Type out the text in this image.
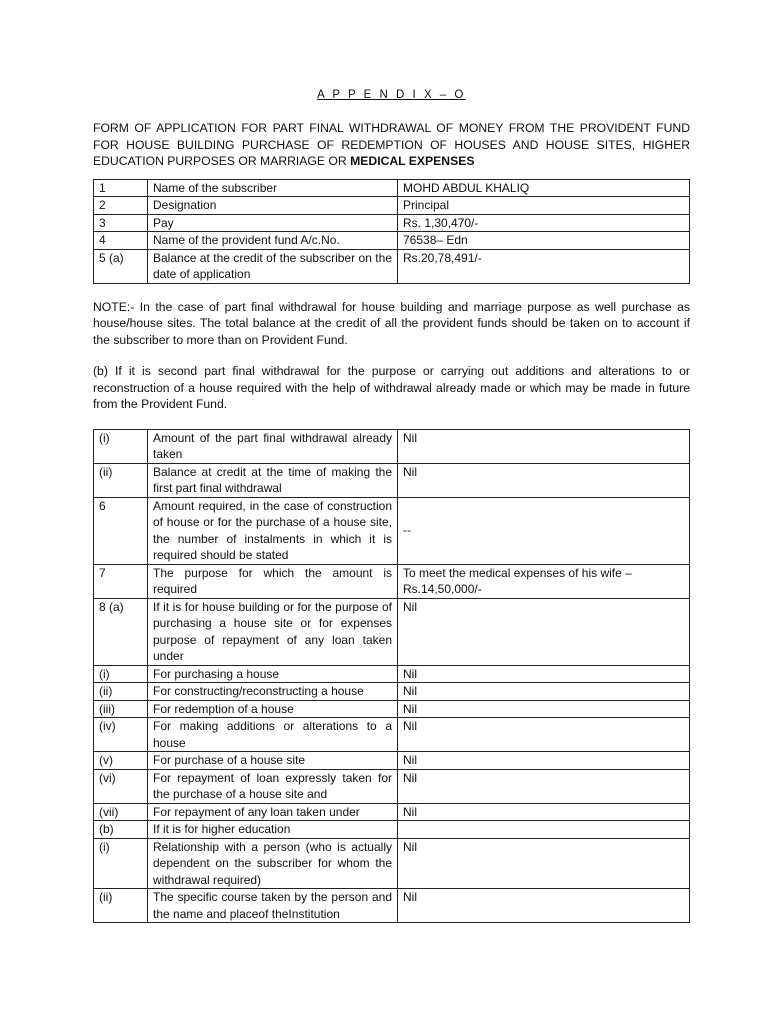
A P P E N D I X – O

FORM OF APPLICATION FOR PART FINAL WITHDRAWAL OF MONEY FROM THE PROVIDENT FUND FOR HOUSE BUILDING PURCHASE OF REDEMPTION OF HOUSES AND HOUSE SITES, HIGHER EDUCATION PURPOSES OR MARRIAGE OR MEDICAL EXPENSES

1	Name of the subscriber	MOHD ABDUL KHALIQ
2	Designation	Principal
3	Pay	Rs. 1,30,470/-
4	Name of the provident fund A/c.No.	76538– Edn
5 (a)	Balance at the credit of the subscriber on the date of application	Rs.20,78,491/-

NOTE:- In the case of part final withdrawal for house building and marriage purpose as well purchase as house/house sites. The total balance at the credit of all the provident funds should be taken on to account if the subscriber to more than on Provident Fund.

(b) If it is second part final withdrawal for the purpose or carrying out additions and alterations to or reconstruction of a house required with the help of withdrawal already made or which may be made in future from the Provident Fund.

(i)	Amount of the part final withdrawal already taken	Nil
(ii)	Balance at credit at the time of making the first part final withdrawal	Nil
6	Amount required, in the case of construction of house or for the purchase of a house site, the number of instalments in which it is required should be stated	--
7	The purpose for which the amount is required	To meet the medical expenses of his wife – Rs.14,50,000/-
8 (a)	If it is for house building or for the purpose of purchasing a house site or for expenses purpose of repayment of any loan taken under	Nil
(i)	For purchasing a house	Nil
(ii)	For constructing/reconstructing a house	Nil
(iii)	For redemption of a house	Nil
(iv)	For making additions or alterations to a house	Nil
(v)	For purchase of a house site	Nil
(vi)	For repayment of loan expressly taken for the purchase of a house site and	Nil
(vii)	For repayment of any loan taken under	Nil
(b)	If it is for higher education	
(i)	Relationship with a person (who is actually dependent on the subscriber for whom the withdrawal required)	Nil
(ii)	The specific course taken by the person and the name and placeof theInstitution	Nil
